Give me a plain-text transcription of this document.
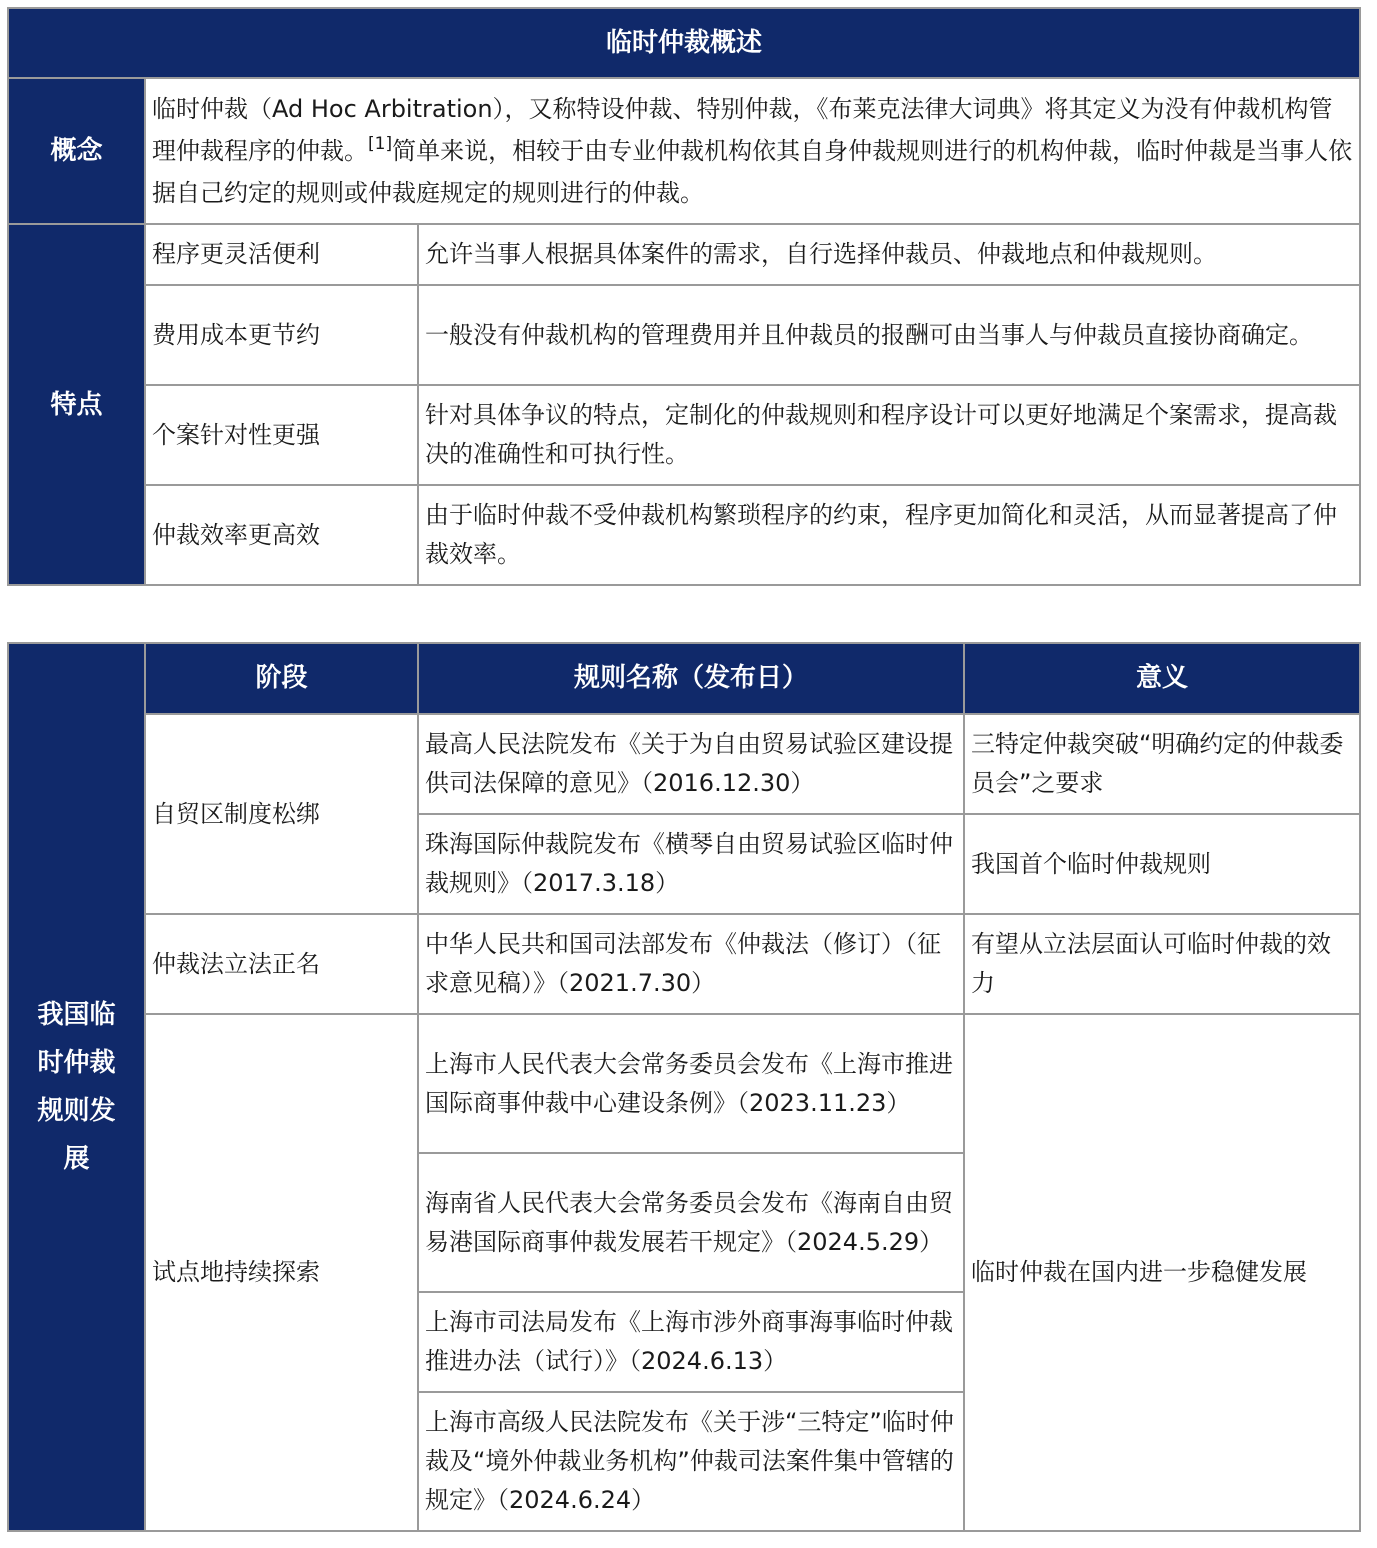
临时仲裁概述		
概念	临时仲裁（Ad Hoc Arbitration），又称特设仲裁、特别仲裁，《布莱克法律大词典》将其定义为没有仲裁机构管理仲裁程序的仲裁。[1]简单来说，相较于由专业仲裁机构依其自身仲裁规则进行的机构仲裁，临时仲裁是当事人依据自己约定的规则或仲裁庭规定的规则进行的仲裁。	
特点	程序更灵活便利	允许当事人根据具体案件的需求，自行选择仲裁员、仲裁地点和仲裁规则。
	费用成本更节约	一般没有仲裁机构的管理费用并且仲裁员的报酬可由当事人与仲裁员直接协商确定。
	个案针对性更强	针对具体争议的特点，定制化的仲裁规则和程序设计可以更好地满足个案需求，提高裁决的准确性和可执行性。
	仲裁效率更高效	由于临时仲裁不受仲裁机构繁琐程序的约束，程序更加简化和灵活，从而显著提高了仲裁效率。
我国临时仲裁规则发展	阶段	规则名称（发布日）	意义
	自贸区制度松绑	最高人民法院发布《关于为自由贸易试验区建设提供司法保障的意见》（2016.12.30）	三特定仲裁突破“明确约定的仲裁委员会”之要求
		珠海国际仲裁院发布《横琴自由贸易试验区临时仲裁规则》（2017.3.18）	我国首个临时仲裁规则
	仲裁法立法正名	中华人民共和国司法部发布《仲裁法（修订）（征求意见稿）》（2021.7.30）	有望从立法层面认可临时仲裁的效力
	试点地持续探索	上海市人民代表大会常务委员会发布《上海市推进国际商事仲裁中心建设条例》（2023.11.23）	临时仲裁在国内进一步稳健发展
		海南省人民代表大会常务委员会发布《海南自由贸易港国际商事仲裁发展若干规定》（2024.5.29）	
		上海市司法局发布《上海市涉外商事海事临时仲裁推进办法（试行）》（2024.6.13）	
		上海市高级人民法院发布《关于涉“三特定”临时仲裁及“境外仲裁业务机构”仲裁司法案件集中管辖的规定》（2024.6.24）	
